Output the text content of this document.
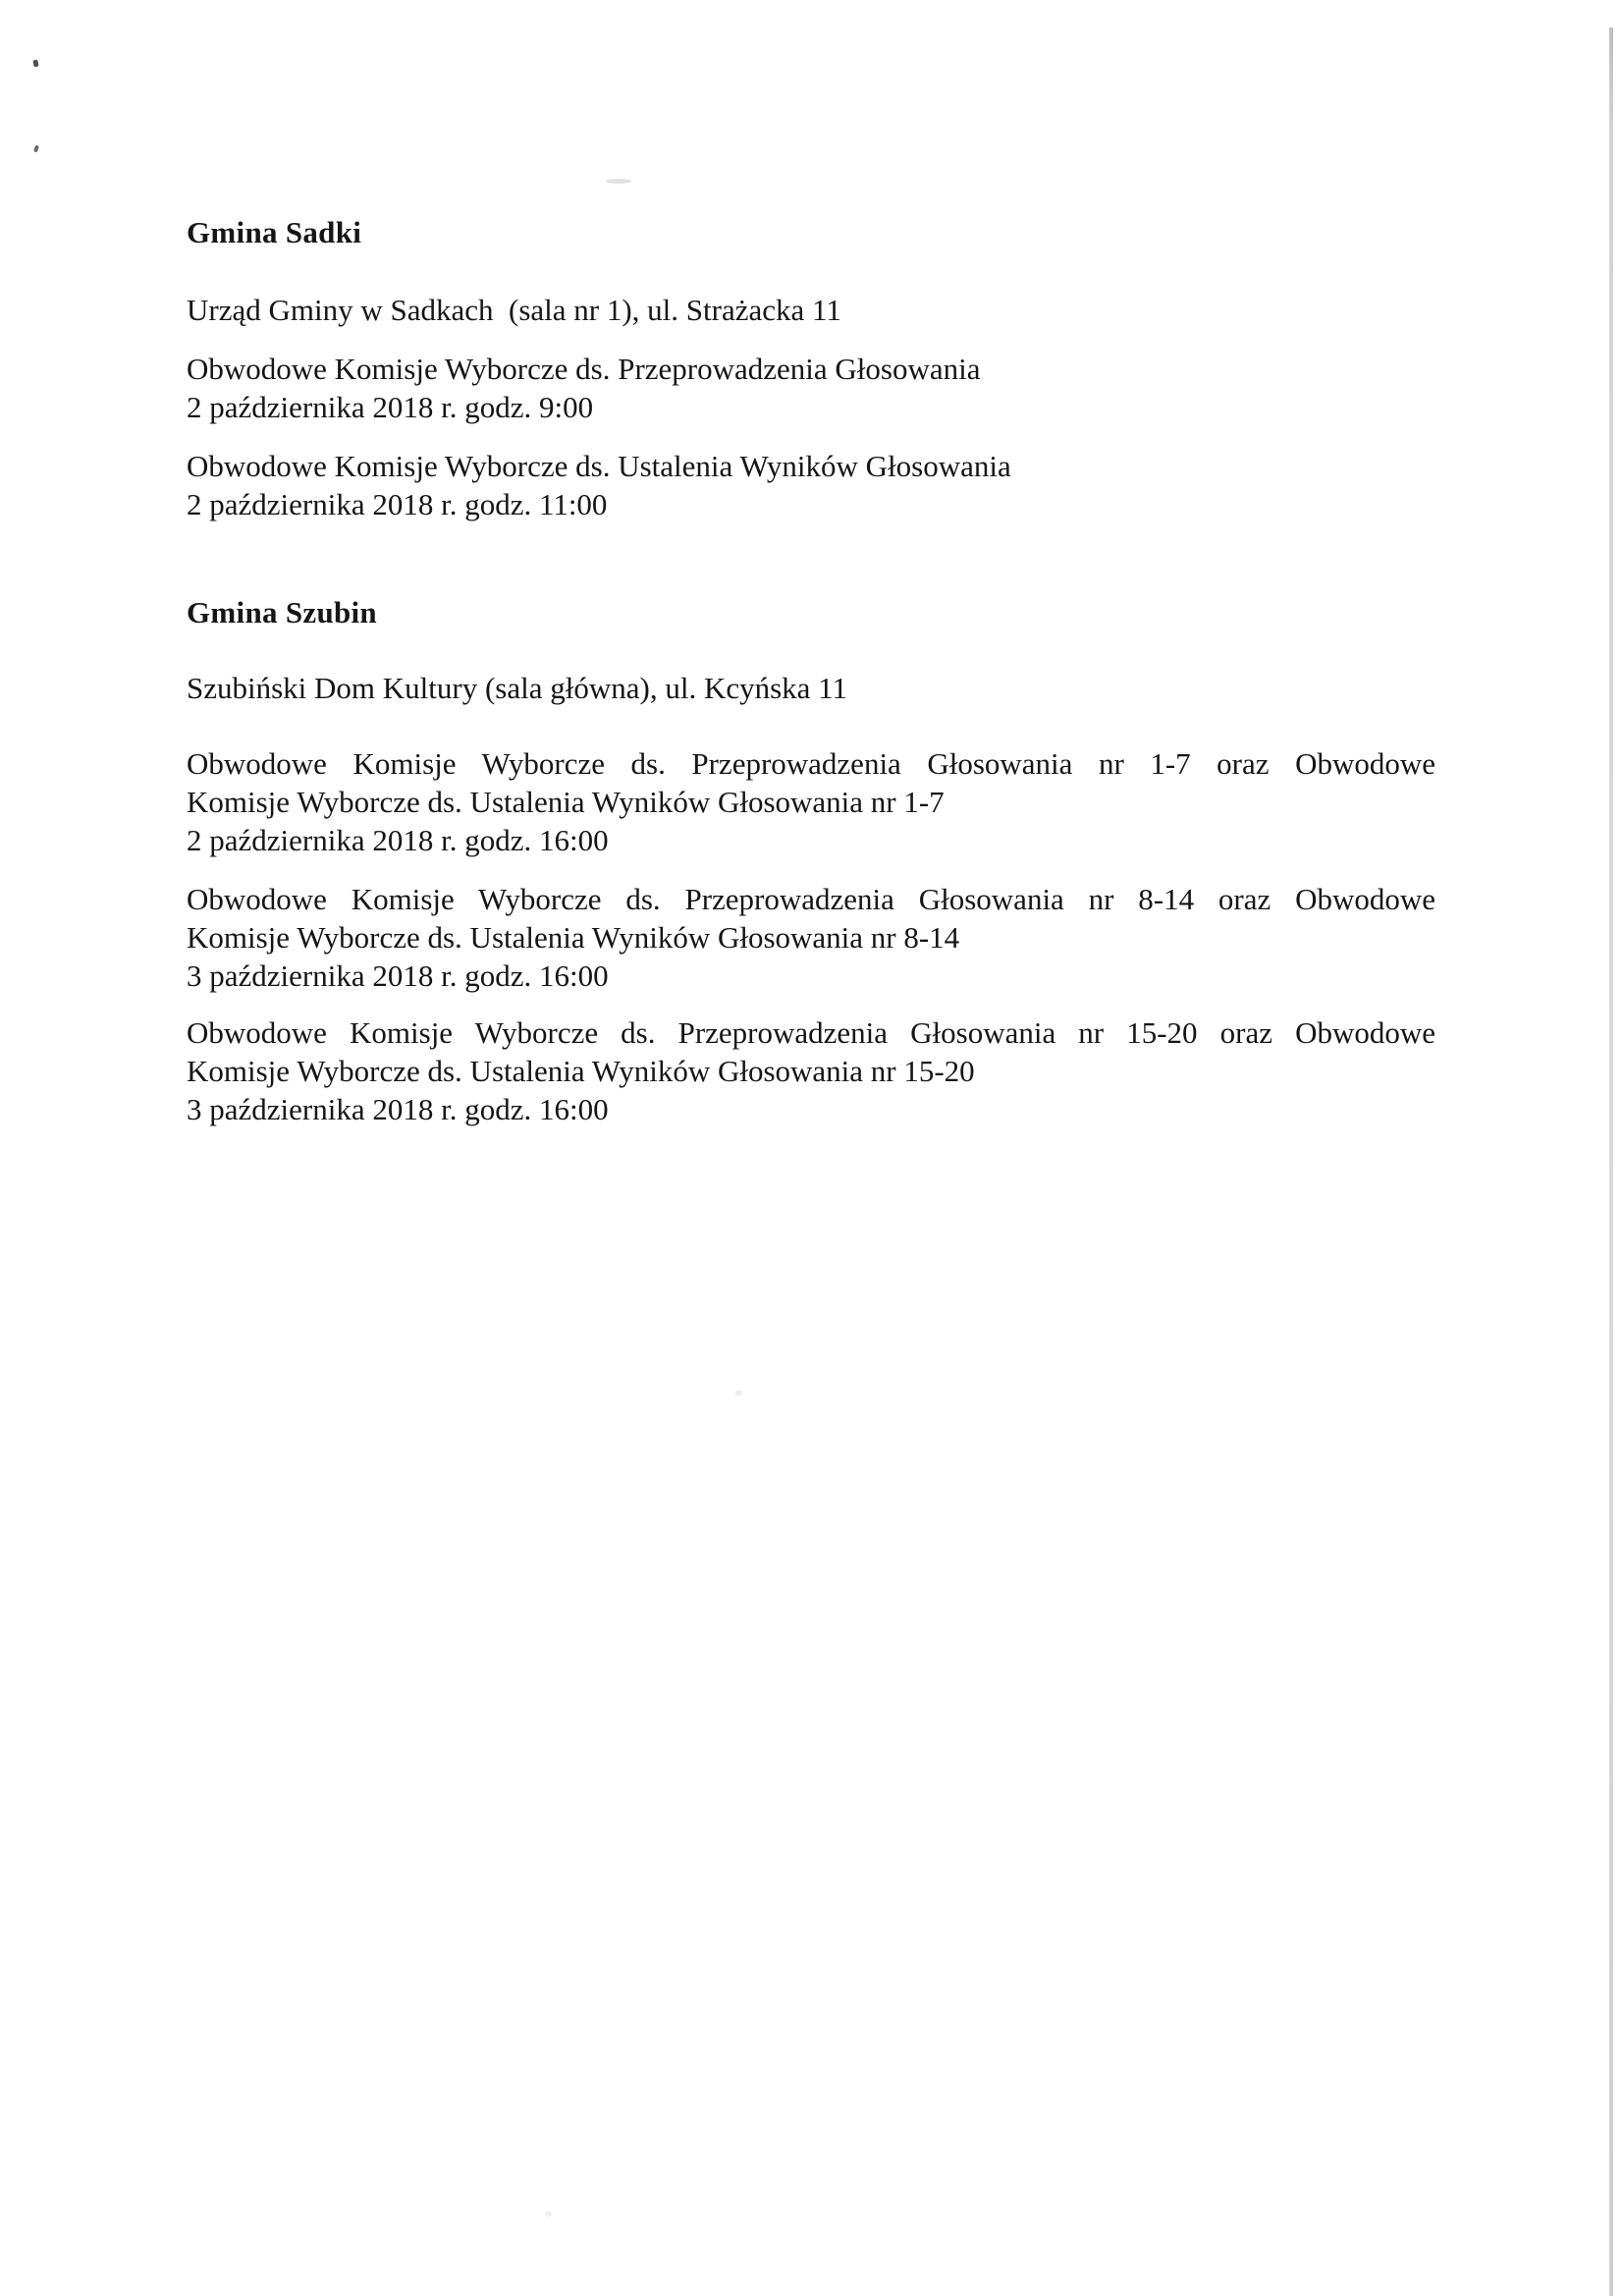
Gmina Sadki
Urząd Gminy w Sadkach  (sala nr 1), ul. Strażacka 11
Obwodowe Komisje Wyborcze ds. Przeprowadzenia Głosowania
2 października 2018 r. godz. 9:00
Obwodowe Komisje Wyborcze ds. Ustalenia Wyników Głosowania
2 października 2018 r. godz. 11:00
Gmina Szubin
Szubiński Dom Kultury (sala główna), ul. Kcyńska 11
Obwodowe Komisje Wyborcze ds. Przeprowadzenia Głosowania nr 1-7 oraz Obwodowe
Komisje Wyborcze ds. Ustalenia Wyników Głosowania nr 1-7
2 października 2018 r. godz. 16:00
Obwodowe Komisje Wyborcze ds. Przeprowadzenia Głosowania nr 8-14 oraz Obwodowe
Komisje Wyborcze ds. Ustalenia Wyników Głosowania nr 8-14
3 października 2018 r. godz. 16:00
Obwodowe Komisje Wyborcze ds. Przeprowadzenia Głosowania nr 15-20 oraz Obwodowe
Komisje Wyborcze ds. Ustalenia Wyników Głosowania nr 15-20
3 października 2018 r. godz. 16:00
